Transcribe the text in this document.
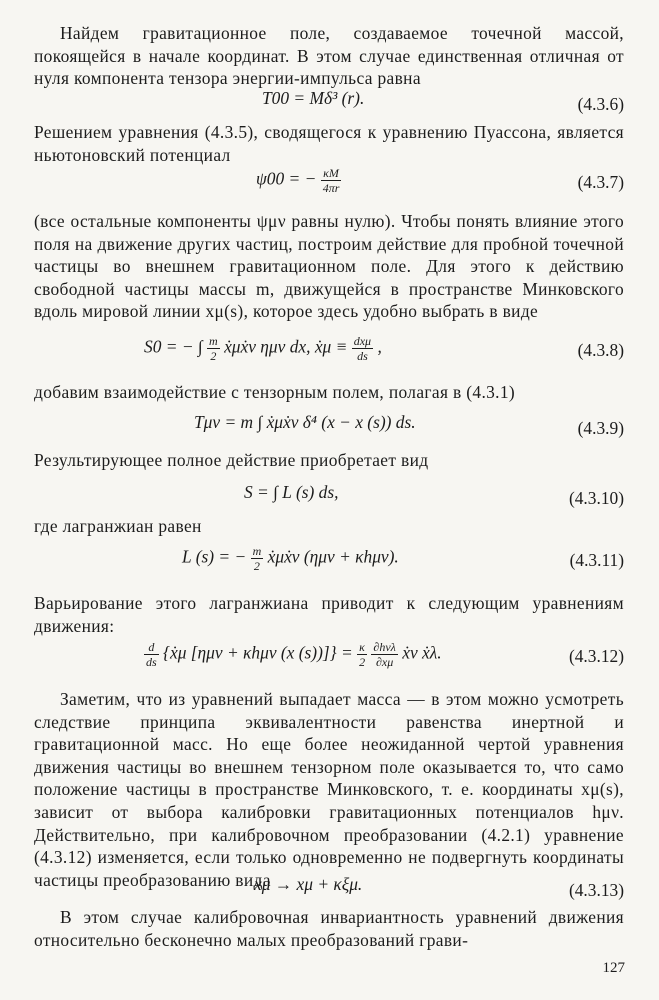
Найдем гравитационное поле, создаваемое точечной массой, покоящейся в начале координат. В этом случае единственная отличная от нуля компонента тензора энергии-импульса равна

T00 = Mδ³ (r).	(4.3.6)

Решением уравнения (4.3.5), сводящегося к уравнению Пуассона, является ньютоновский потенциал

ψ00 = − $\frac{\kappa M}{4\pi r}$	(4.3.7)

(все остальные компоненты ψμν равны нулю). Чтобы понять влияние этого поля на движение других частиц, построим действие для пробной точечной частицы во внешнем гравитационном поле. Для этого к действию свободной частицы массы m, движущейся в пространстве Минковского вдоль мировой линии xμ(s), которое здесь удобно выбрать в виде

S0 = − ∫ $\frac{m}{2}$ ẋμẋν ημν dx, ẋμ ≡ dxμ
ds ,	(4.3.8)

добавим взаимодействие с тензорным полем, полагая в (4.3.1)

Tμν = m ∫ ẋμẋν δ⁴ (x − x (s)) ds.	(4.3.9)

Результирующее полное действие приобретает вид

S = ∫ L (s) ds,	(4.3.10)

где лагранжиан равен

L (s) = − $\frac{m}{2}$ ẋμẋν (ημν + κhμν).	(4.3.11)

Варьирование этого лагранжиана приводит к следующим уравнениям движения:

$\frac{d}{ds}$ {ẋμ [ημν + κhμν (x $(s))]\} = \frac{\kappa}{2}$
∂hνλ
∂xμ ẋν ẋλ.	(4.3.12)

Заметим, что из уравнений выпадает масса — в этом можно усмотреть следствие принципа эквивалентности равенства инертной и гравитационной масс. Но еще более неожиданной чертой уравнения движения частицы во внешнем тензорном поле оказывается то, что само положение частицы в пространстве Минковского, т. е. координаты xμ(s), зависит от выбора калибровки гравитационных потенциалов hμν. Действительно, при калибровочном преобразовании (4.2.1) уравнение (4.3.12) изменяется, если только одновременно не подвергнуть координаты частицы преобразованию вида

xμ → xμ + κξμ.	(4.3.13)

В этом случае калибровочная инвариантность уравнений движения относительно бесконечно малых преобразований грави-

127
